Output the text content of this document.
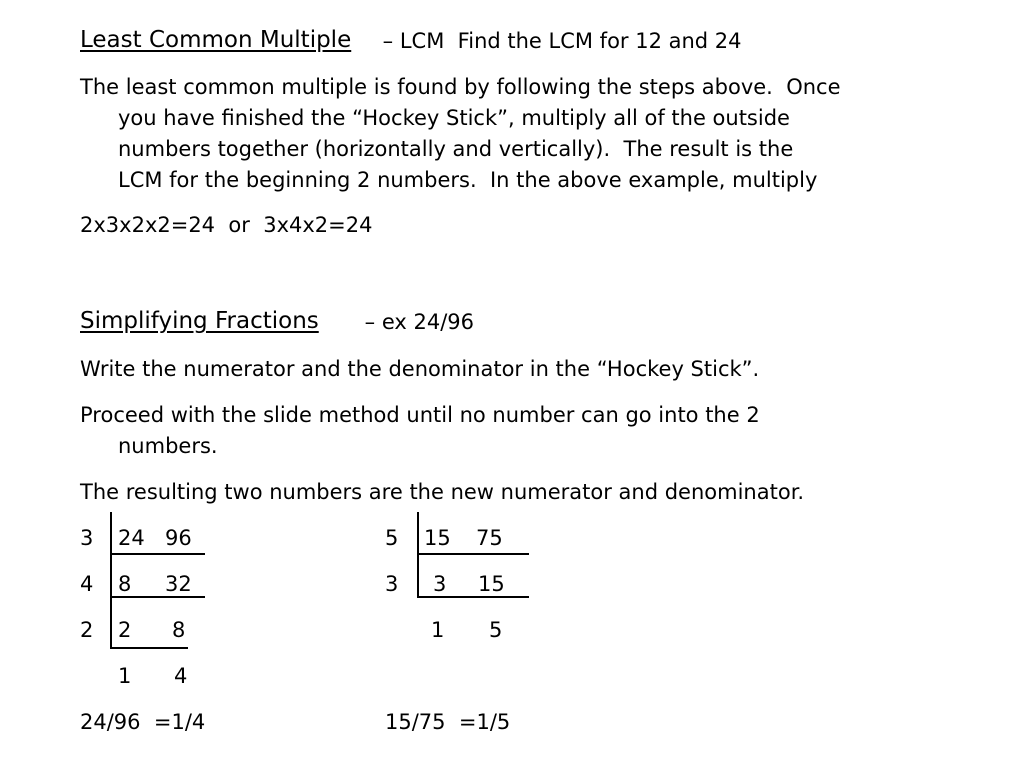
Least Common Multiple – LCM  Find the LCM for 12 and 24
The least common multiple is found by following the steps above.  Once
you have finished the “Hockey Stick”, multiply all of the outside
numbers together (horizontally and vertically).  The result is the
LCM for the beginning 2 numbers.  In the above example, multiply
2x3x2x2=24  or  3x4x2=24
Simplifying Fractions – ex 24/96
Write the numerator and the denominator in the “Hockey Stick”.
Proceed with the slide method until no number can go into the 2
numbers.
The resulting two numbers are the new numerator and denominator.
3
4
2
24 96
8 32
2 8
1 4
24/96  =1/4
5
3
15 75
3 15
1 5
15/75  =1/5
